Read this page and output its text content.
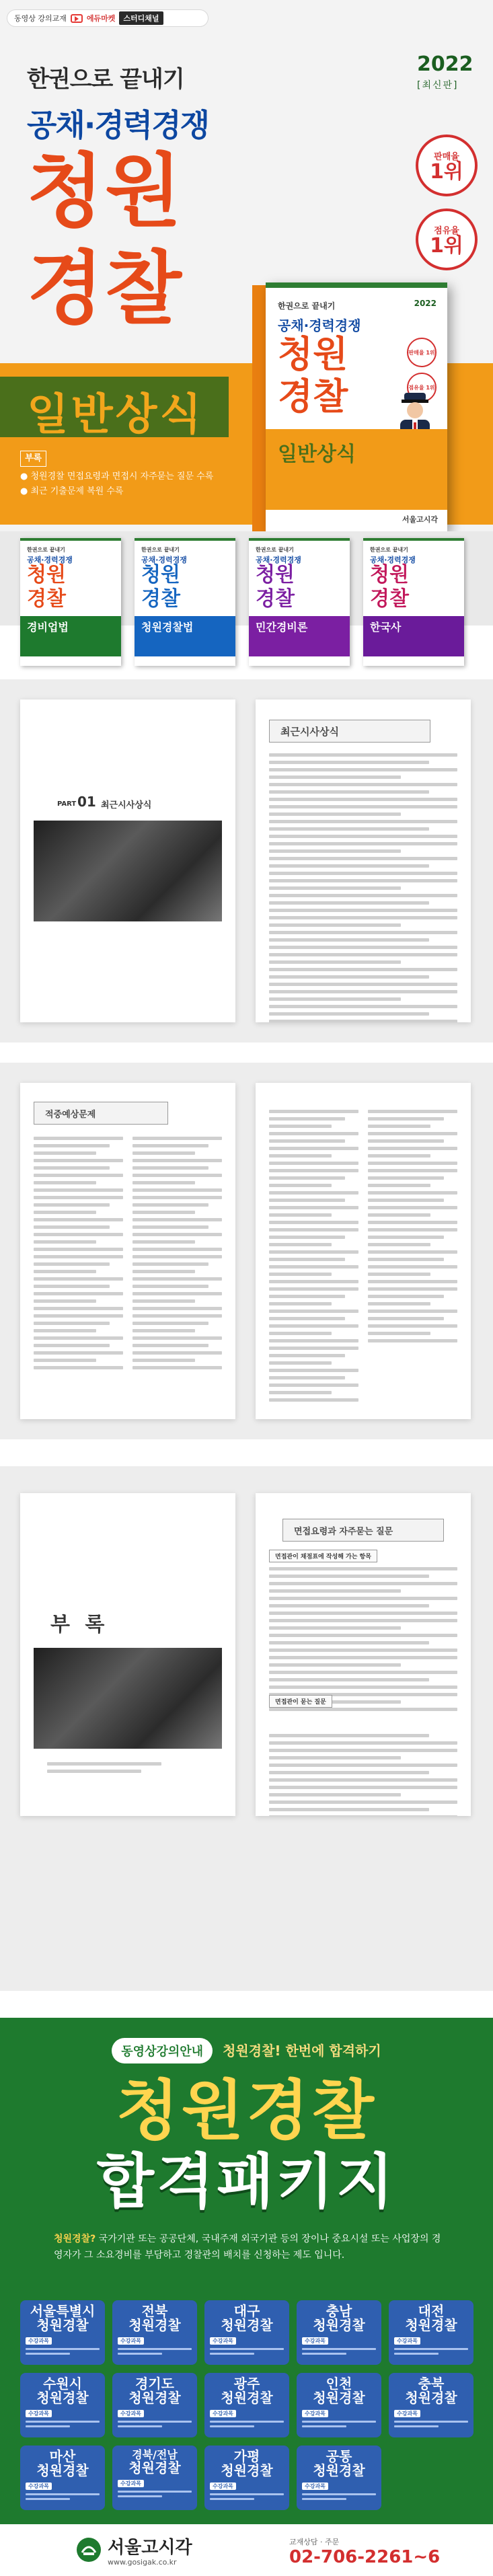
동영상 강의교재	에듀마켓	스터디채널
한권으로 끝내기
2022
[최신판]
공채·경력경쟁
청원
경찰
판매율
1위
점유율
1위
일반상식
부록
● 청원경찰 면접요령과 면접시 자주묻는 질문 수록
● 최근 기출문제 복원 수록
한권으로 끝내기	2022
공채·경력경쟁
청원
경찰
판매율 1위
점유율 1위
일반상식
서울고시각
한권으로 끝내기
공채·경력경쟁
청원
경찰
경비업법
한권으로 끝내기
공채·경력경쟁
청원
경찰
청원경찰법
한권으로 끝내기
공채·경력경쟁
청원
경찰
민간경비론
한권으로 끝내기
공채·경력경쟁
청원
경찰
한국사
PART 01 최근시사상식
최근시사상식
적중예상문제
부 록
면접요령과 자주묻는 질문
면접관이 채점표에 작성해 가는 항목
면접관이 묻는 질문
동영상강의안내 청원경찰! 한번에 합격하기
청원경찰
합격패키지
청원경찰? 국가기관 또는 공공단체, 국내주재 외국기관 등의 장이나 중요시설 또는 사업장의 경영자가 그 소요경비를 부담하고 경찰관의 배치를 신청하는 제도 입니다.
서울특별시
청원경찰
수강과목
전북
청원경찰
수강과목
대구
청원경찰
수강과목
충남
청원경찰
수강과목
대전
청원경찰
수강과목
수원시
청원경찰
수강과목
경기도
청원경찰
수강과목
광주
청원경찰
수강과목
인천
청원경찰
수강과목
충북
청원경찰
수강과목
마산
청원경찰
수강과목
경북/전남
청원경찰
수강과목
가평
청원경찰
수강과목
공통
청원경찰
수강과목
서울고시각
www.gosigak.co.kr
교재상담 · 주문
02-706-2261~6
